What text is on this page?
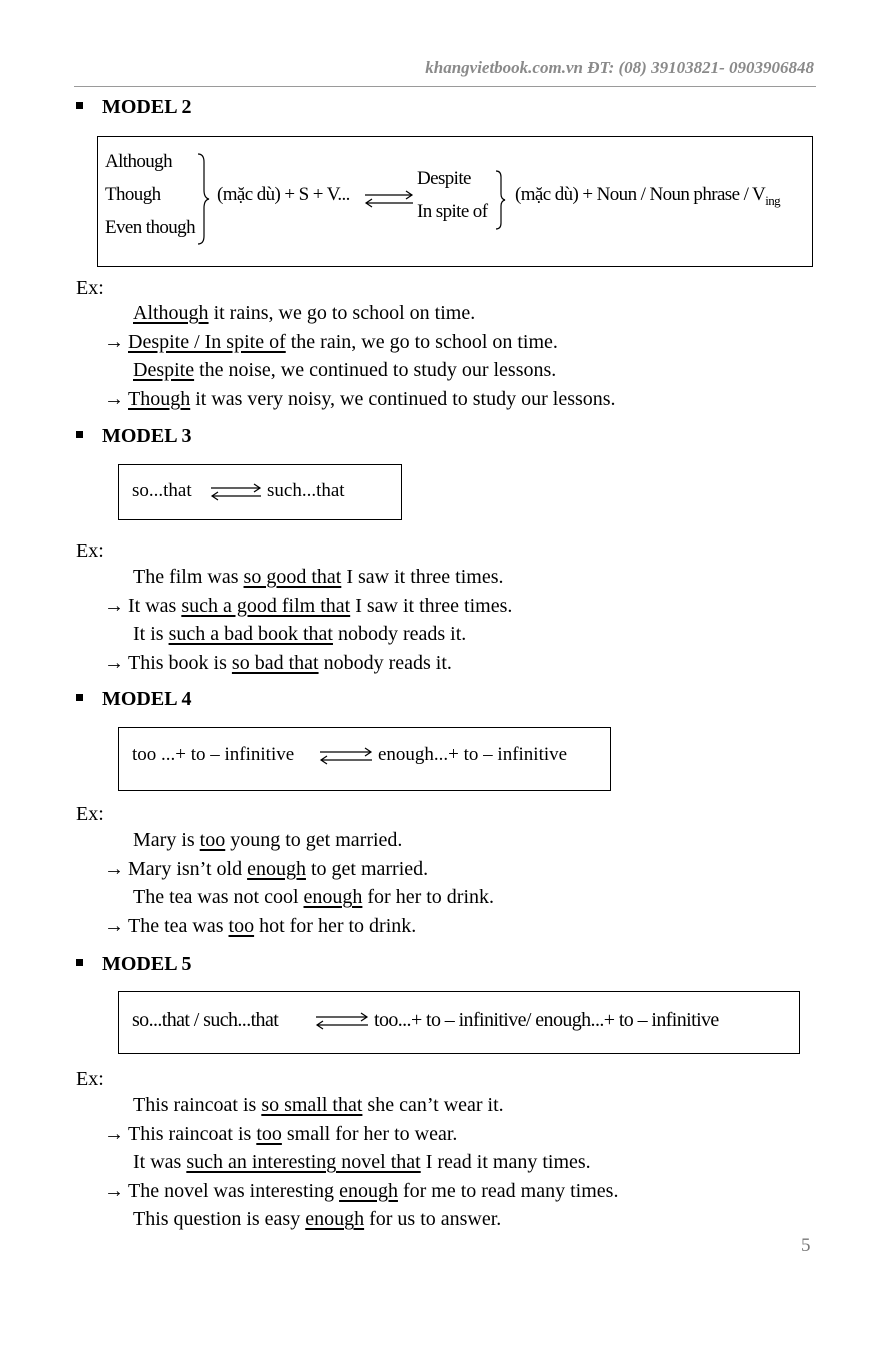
khangvietbook.com.vn ĐT: (08) 39103821- 0903906848
MODEL 2
Although
Though
Even though
(mặc dù) + S + V...
Despite
In spite of
(mặc dù) + Noun / Noun phrase / $V_{ing}$
Ex:
Although it rains, we go to school on time.
→ Despite / In spite of the rain, we go to school on time.
Despite the noise, we continued to study our lessons.
→ Though it was very noisy, we continued to study our lessons.
MODEL 3
so...that	such...that
Ex:
The film was so good that I saw it three times.
→ It was such a good film that I saw it three times.
It is such a bad book that nobody reads it.
→ This book is so bad that nobody reads it.
MODEL 4
too ...+ to – infinitive	enough...+ to – infinitive
Ex:
Mary is too young to get married.
→ Mary isn’t old enough to get married.
The tea was not cool enough for her to drink.
→ The tea was too hot for her to drink.
MODEL 5
so...that / such...that	too...+ to – infinitive/ enough...+ to – infinitive
Ex:
This raincoat is so small that she can’t wear it.
→ This raincoat is too small for her to wear.
It was such an interesting novel that I read it many times.
→ The novel was interesting enough for me to read many times.
This question is easy enough for us to answer.
5
